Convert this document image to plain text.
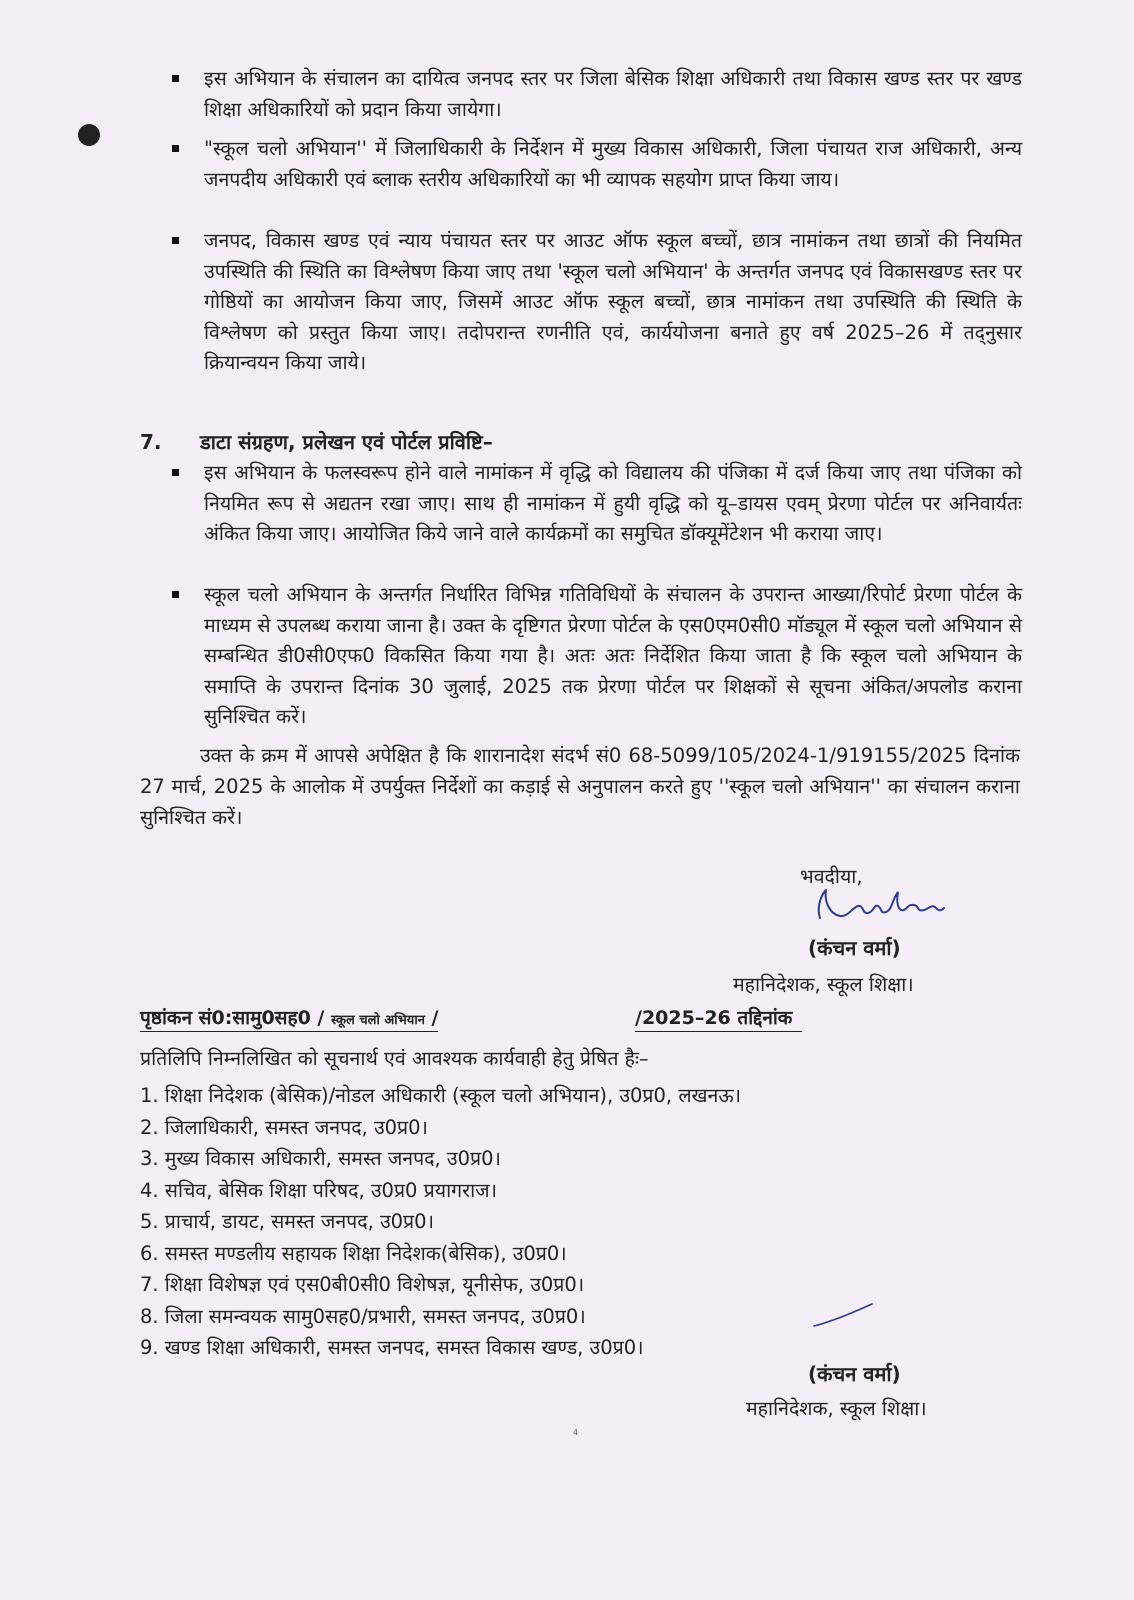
इस अभियान के संचालन का दायित्व जनपद स्तर पर जिला बेसिक शिक्षा अधिकारी तथा विकास खण्ड स्तर पर खण्ड शिक्षा अधिकारियों को प्रदान किया जायेगा।
"स्कूल चलो अभियान'' में जिलाधिकारी के निर्देशन में मुख्य विकास अधिकारी, जिला पंचायत राज अधिकारी, अन्य जनपदीय अधिकारी एवं ब्लाक स्तरीय अधिकारियों का भी व्यापक सहयोग प्राप्त किया जाय।
जनपद, विकास खण्ड एवं न्याय पंचायत स्तर पर आउट ऑफ स्कूल बच्चों, छात्र नामांकन तथा छात्रों की नियमित उपस्थिति की स्थिति का विश्लेषण किया जाए तथा 'स्कूल चलो अभियान' के अन्तर्गत जनपद एवं विकासखण्ड स्तर पर गोष्ठियों का आयोजन किया जाए, जिसमें आउट ऑफ स्कूल बच्चों, छात्र नामांकन तथा उपस्थिति की स्थिति के विश्लेषण को प्रस्तुत किया जाए। तदोपरान्त रणनीति एवं, कार्ययोजना बनाते हुए वर्ष 2025–26 में तद्नुसार क्रियान्वयन किया जाये।
7. डाटा संग्रहण, प्रलेखन एवं पोर्टल प्रविष्टि–
इस अभियान के फलस्वरूप होने वाले नामांकन में वृद्धि को विद्यालय की पंजिका में दर्ज किया जाए तथा पंजिका को नियमित रूप से अद्यतन रखा जाए। साथ ही नामांकन में हुयी वृद्धि को यू–डायस एवम् प्रेरणा पोर्टल पर अनिवार्यतः अंकित किया जाए। आयोजित किये जाने वाले कार्यक्रमों का समुचित डॉक्यूमेंटेशन भी कराया जाए।
स्कूल चलो अभियान के अन्तर्गत निर्धारित विभिन्न गतिविधियों के संचालन के उपरान्त आख्या/रिपोर्ट प्रेरणा पोर्टल के माध्यम से उपलब्ध कराया जाना है। उक्त के दृष्टिगत प्रेरणा पोर्टल के एस0एम0सी0 मॉड्यूल में स्कूल चलो अभियान से सम्बन्धित डी0सी0एफ0 विकसित किया गया है। अतः अतः निर्देशित किया जाता है कि स्कूल चलो अभियान के समाप्ति के उपरान्त दिनांक 30 जुलाई, 2025 तक प्रेरणा पोर्टल पर शिक्षकों से सूचना अंकित/अपलोड कराना सुनिश्चित करें।
उक्त के क्रम में आपसे अपेक्षित है कि शारानादेश संदर्भ सं0 68-5099/105/2024-1/919155/2025 दिनांक 27 मार्च, 2025 के आलोक में उपर्युक्त निर्देशों का कड़ाई से अनुपालन करते हुए ''स्कूल चलो अभियान'' का संचालन कराना सुनिश्चित करें।
भवदीया,
(कंचन वर्मा)
महानिदेशक, स्कूल शिक्षा।
पृष्ठांकन सं0:सामु0सह0 / स्कूल चलो अभियान /	/2025–26 तद्दिनांक
प्रतिलिपि निम्नलिखित को सूचनार्थ एवं आवश्यक कार्यवाही हेतु प्रेषित हैः–
1. शिक्षा निदेशक (बेसिक)/नोडल अधिकारी (स्कूल चलो अभियान), उ0प्र0, लखनऊ।
2. जिलाधिकारी, समस्त जनपद, उ0प्र0।
3. मुख्य विकास अधिकारी, समस्त जनपद, उ0प्र0।
4. सचिव, बेसिक शिक्षा परिषद, उ0प्र0 प्रयागराज।
5. प्राचार्य, डायट, समस्त जनपद, उ0प्र0।
6. समस्त मण्डलीय सहायक शिक्षा निदेशक(बेसिक), उ0प्र0।
7. शिक्षा विशेषज्ञ एवं एस0बी0सी0 विशेषज्ञ, यूनीसेफ, उ0प्र0।
8. जिला समन्वयक सामु0सह0/प्रभारी, समस्त जनपद, उ0प्र0।
9. खण्ड शिक्षा अधिकारी, समस्त जनपद, समस्त विकास खण्ड, उ0प्र0।
(कंचन वर्मा)
महानिदेशक, स्कूल शिक्षा।
4
